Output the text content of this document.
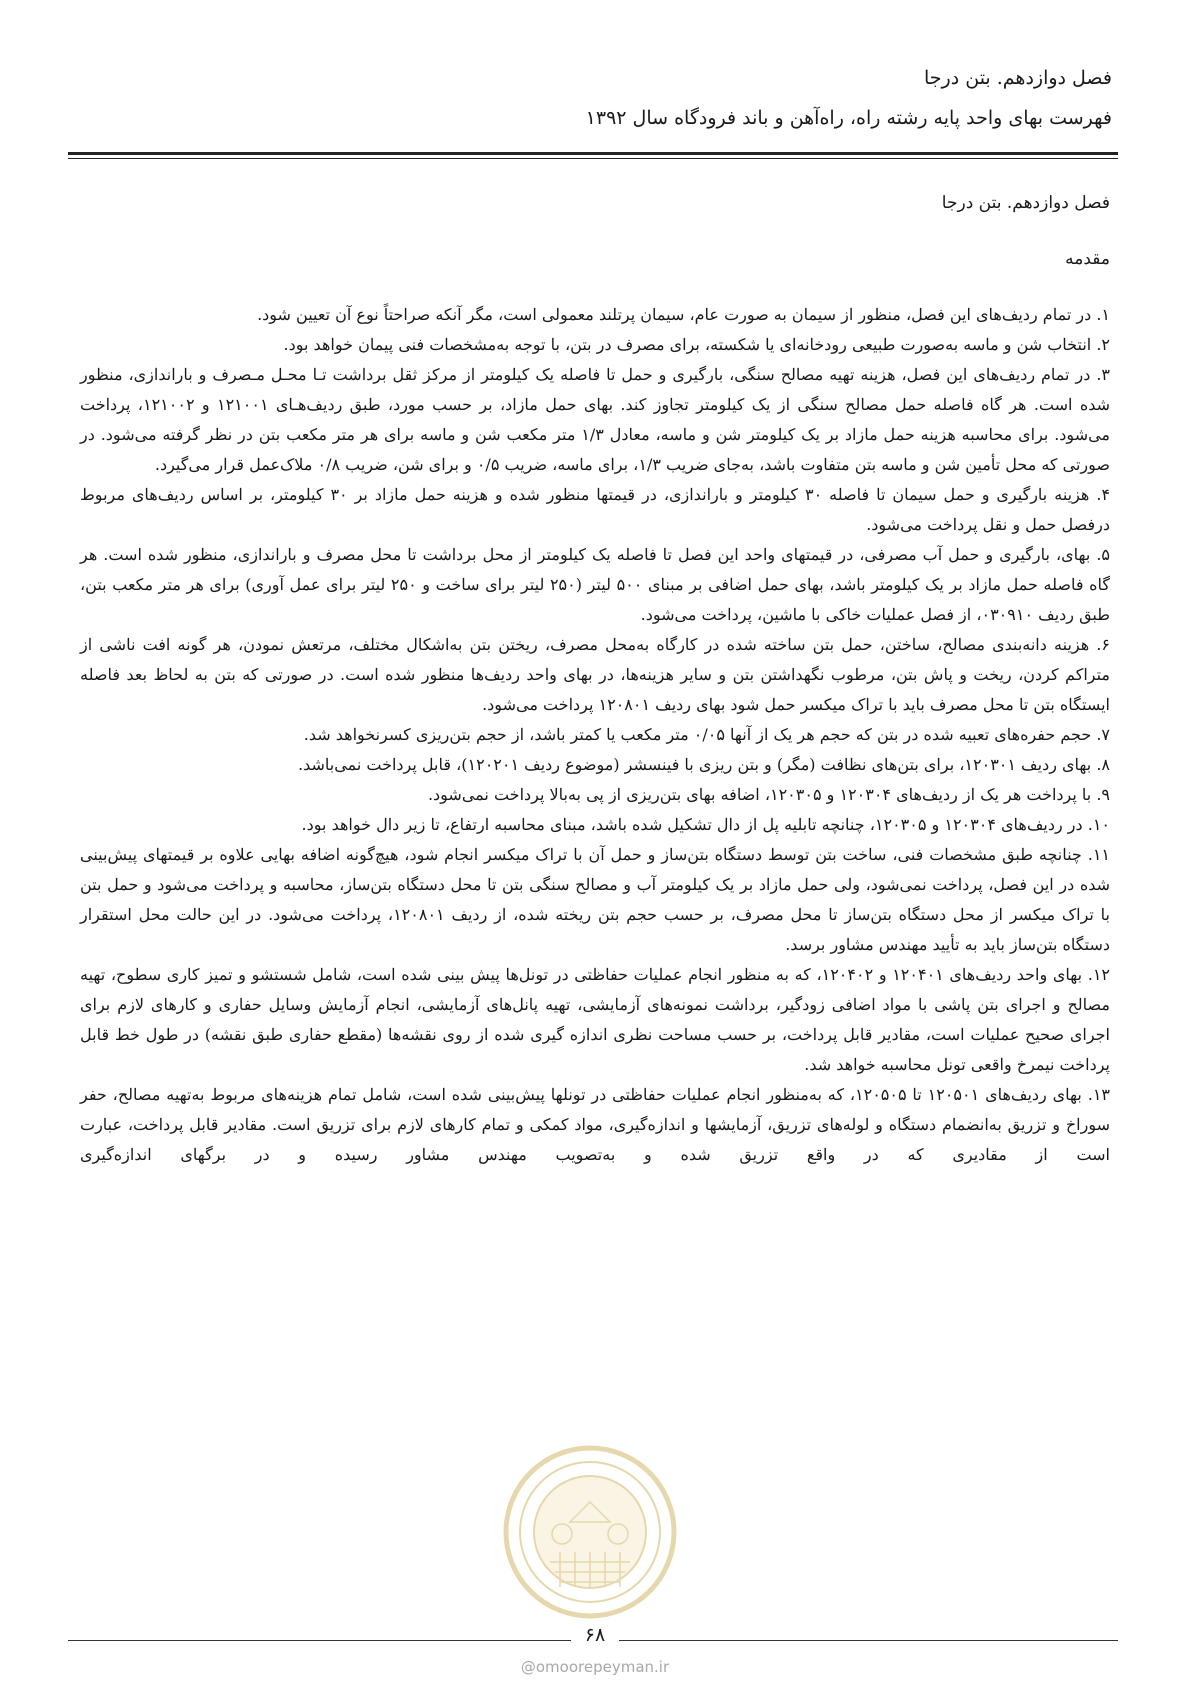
فصل دوازدهم. بتن درجا
فهرست بهای واحد پایه رشته راه، راه‌آهن و باند فرودگاه سال ۱۳۹۲

فصل دوازدهم. بتن درجا

مقدمه

۱. در تمام ردیف‌های این فصل، منظور از سیمان به صورت عام، سیمان پرتلند معمولی است، مگر آنکه صراحتاً نوع آن تعیین شود.

۲. انتخاب شن و ماسه به‌صورت طبیعی رودخانه‌ای یا شکسته، برای مصرف در بتن، با توجه به‌مشخصات فنی پیمان خواهد بود.

۳. در تمام ردیف‌های این فصل، هزینه تهیه مصالح سنگی، بارگیری و حمل تا فاصله یک کیلومتر از مرکز ثقل برداشت تـا محـل مـصرف و باراندازی، منظور شده است. هر گاه فاصله حمل مصالح سنگی از یک کیلومتر تجاوز کند. بهای حمل مازاد، بر حسب مورد، طبق ردیف‌هـای ۱۲۱۰۰۱ و ۱۲۱۰۰۲، پرداخت می‌شود. برای محاسبه هزینه حمل مازاد بر یک کیلومتر شن و ماسه، معادل ۱/۳ متر مکعب شن و ماسه برای هر متر مکعب بتن در نظر گرفته می‌شود. در صورتی که محل تأمین شن و ماسه بتن متفاوت باشد، به‌جای ضریب ۱/۳، برای ماسه، ضریب ۰/۵ و برای شن، ضریب ۰/۸ ملاک‌عمل قرار می‌گیرد.

۴. هزینه بارگیری و حمل سیمان تا فاصله ۳۰ کیلومتر و باراندازی، در قیمتها منظور شده و هزینه حمل مازاد بر ۳۰ کیلومتر، بر اساس ردیف‌های مربوط درفصل حمل و نقل پرداخت می‌شود.

۵. بهای، بارگیری و حمل آب مصرفی، در قیمتهای واحد این فصل تا فاصله یک کیلومتر از محل برداشت تا محل مصرف و باراندازی، منظور شده است. هر گاه فاصله حمل مازاد بر یک کیلومتر باشد، بهای حمل اضافی بر مبنای ۵۰۰ لیتر (۲۵۰ لیتر برای ساخت و ۲۵۰ لیتر برای عمل آوری) برای هر متر مکعب بتن، طبق ردیف ۰۳۰۹۱۰، از فصل عملیات خاکی با ماشین، پرداخت می‌شود.

۶. هزینه دانه‌بندی مصالح، ساختن، حمل بتن ساخته شده در کارگاه به‌محل مصرف، ریختن بتن به‌اشکال مختلف، مرتعش نمودن، هر گونه افت ناشی از متراکم کردن، ریخت و پاش بتن، مرطوب نگهداشتن بتن و سایر هزینه‌ها، در بهای واحد ردیف‌ها منظور شده است. در صورتی که بتن به لحاظ بعد فاصله ایستگاه بتن تا محل مصرف باید با تراک میکسر حمل شود بهای ردیف ۱۲۰۸۰۱ پرداخت می‌شود.

۷. حجم حفره‌های تعبیه شده در بتن که حجم هر یک از آنها ۰/۰۵ متر مکعب یا کمتر باشد، از حجم بتن‌ریزی کسرنخواهد شد.

۸. بهای ردیف ۱۲۰۳۰۱، برای بتن‌های نظافت (مگر) و بتن ریزی با فینسشر (موضوع ردیف ۱۲۰۲۰۱)، قابل پرداخت نمی‌باشد.

۹. با پرداخت هر یک از ردیف‌های ۱۲۰۳۰۴ و ۱۲۰۳۰۵، اضافه بهای بتن‌ریزی از پی به‌بالا پرداخت نمی‌شود.

۱۰. در ردیف‌های ۱۲۰۳۰۴ و ۱۲۰۳۰۵، چنانچه تابلیه پل از دال تشکیل شده باشد، مبنای محاسبه ارتفاع، تا زیر دال خواهد بود.

۱۱. چنانچه طبق مشخصات فنی، ساخت بتن توسط دستگاه بتن‌ساز و حمل آن با تراک میکسر انجام شود، هیچ‌گونه اضافه بهایی علاوه بر قیمتهای پیش‌بینی شده در این فصل، پرداخت نمی‌شود، ولی حمل مازاد بر یک کیلومتر آب و مصالح سنگی بتن تا محل دستگاه بتن‌ساز، محاسبه و پرداخت می‌شود و حمل بتن با تراک میکسر از محل دستگاه بتن‌ساز تا محل مصرف، بر حسب حجم بتن ریخته شده، از ردیف ۱۲۰۸۰۱، پرداخت می‌شود. در این حالت محل استقرار دستگاه بتن‌ساز باید به تأیید مهندس مشاور برسد.

۱۲. بهای واحد ردیف‌های ۱۲۰۴۰۱ و ۱۲۰۴۰۲، که به منظور انجام عملیات حفاظتی در تونل‌ها پیش بینی شده است، شامل شستشو و تمیز کاری سطوح، تهیه مصالح و اجرای بتن پاشی با مواد اضافی زودگیر، برداشت نمونه‌های آزمایشی، تهیه پانل‌های آزمایشی، انجام آزمایش وسایل حفاری و کارهای لازم برای اجرای صحیح عملیات است، مقادیر قابل پرداخت، بر حسب مساحت نظری اندازه گیری شده از روی نقشه‌ها (مقطع حفاری طبق نقشه) در طول خط قابل پرداخت نیمرخ واقعی تونل محاسبه خواهد شد.

۱۳. بهای ردیف‌های ۱۲۰۵۰۱ تا ۱۲۰۵۰۵، که به‌منظور انجام عملیات حفاظتی در تونلها پیش‌بینی شده است، شامل تمام هزینه‌های مربوط به‌تهیه مصالح، حفر سوراخ و تزریق به‌انضمام دستگاه و لوله‌های تزریق، آزمایشها و اندازه‌گیری، مواد کمکی و تمام کارهای لازم برای تزریق است. مقادیر قابل پرداخت، عبارت است از مقادیری که در واقع تزریق شده و به‌تصویب مهندس مشاور رسیده و در برگهای اندازه‌گیری

۶۸
@omoorepeyman.ir
